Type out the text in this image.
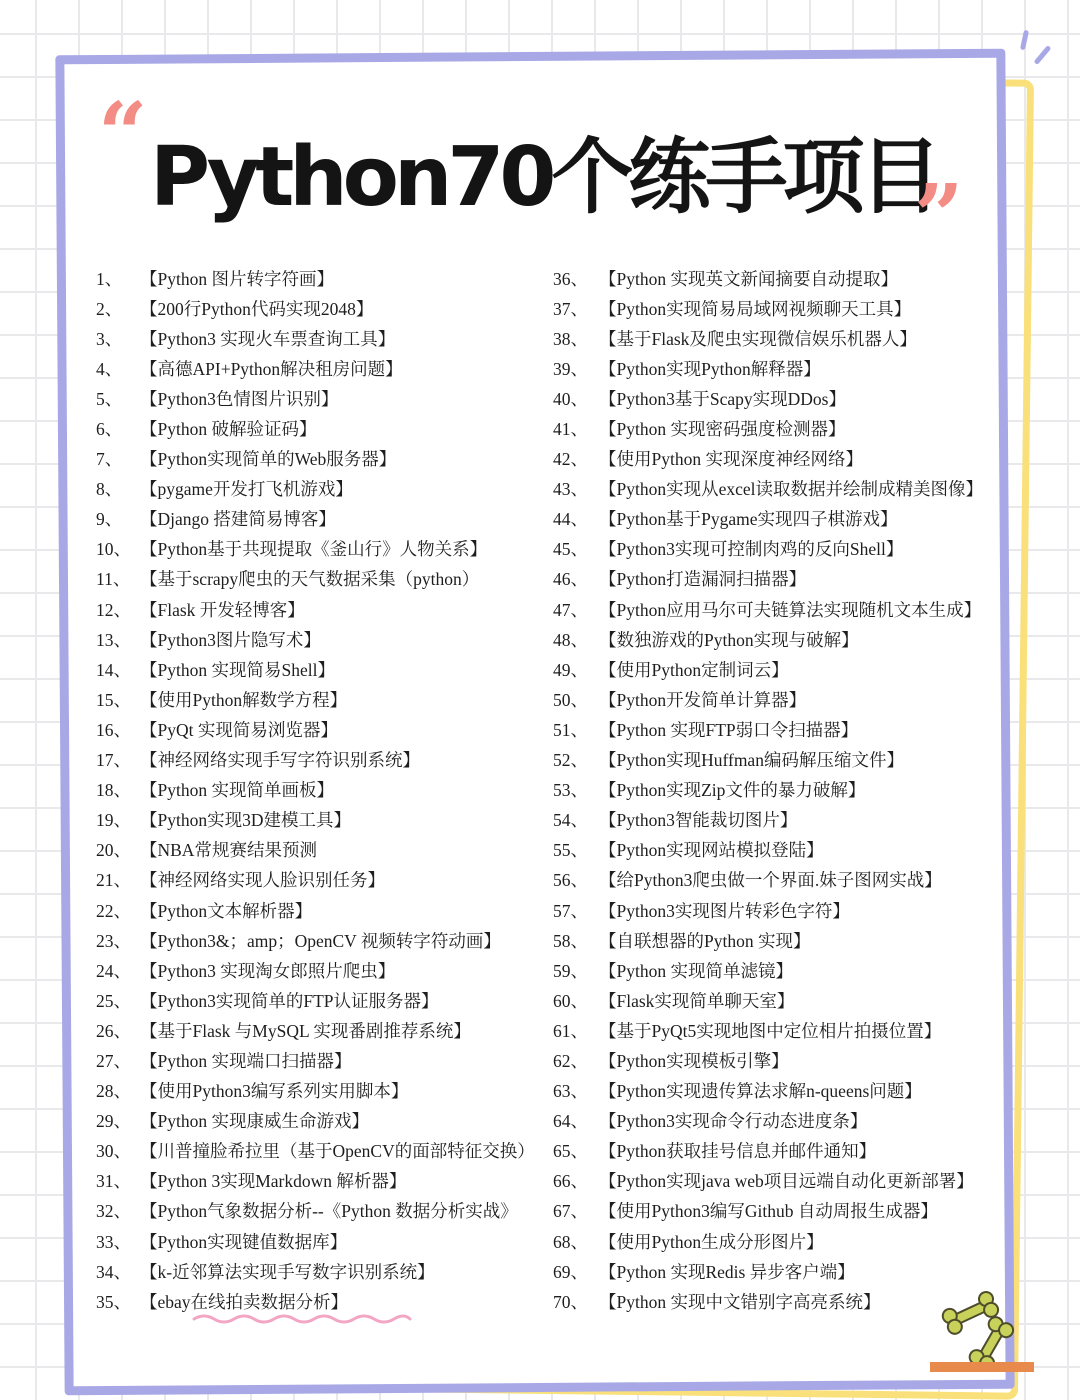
“ Python70个练手项目
”
1、	【Python 图片转字符画】
2、	【200行Python代码实现2048】
3、	【Python3 实现火车票查询工具】
4、	【高德API+Python解决租房问题】
5、	【Python3色情图片识别】
6、	【Python 破解验证码】
7、	【Python实现简单的Web服务器】
8、	【pygame开发打飞机游戏】
9、	【Django 搭建简易博客】
10、 【Python基于共现提取《釜山行》人物关系】
11、 【基于scrapy爬虫的天气数据采集（python）
12、 【Flask 开发轻博客】
13、 【Python3图片隐写术】
14、 【Python 实现简易Shell】
15、 【使用Python解数学方程】
16、 【PyQt 实现简易浏览器】
17、 【神经网络实现手写字符识别系统】
18、 【Python 实现简单画板】
19、 【Python实现3D建模工具】
20、 【NBA常规赛结果预测
21、 【神经网络实现人脸识别任务】
22、 【Python文本解析器】
23、 【Python3&；amp；OpenCV 视频转字符动画】
24、 【Python3 实现淘女郎照片爬虫】
25、 【Python3实现简单的FTP认证服务器】
26、 【基于Flask 与MySQL 实现番剧推荐系统】
27、 【Python 实现端口扫描器】
28、 【使用Python3编写系列实用脚本】
29、 【Python 实现康威生命游戏】
30、 【川普撞脸希拉里（基于OpenCV的面部特征交换）
31、 【Python 3实现Markdown 解析器】
32、 【Python气象数据分析--《Python 数据分析实战》
33、 【Python实现键值数据库】
34、 【k-近邻算法实现手写数字识别系统】
35、 【ebay在线拍卖数据分析】
36、 【Python 实现英文新闻摘要自动提取】
37、 【Python实现简易局域网视频聊天工具】
38、 【基于Flask及爬虫实现微信娱乐机器人】
39、 【Python实现Python解释器】
40、 【Python3基于Scapy实现DDos】
41、 【Python 实现密码强度检测器】
42、 【使用Python 实现深度神经网络】
43、 【Python实现从excel读取数据并绘制成精美图像】
44、 【Python基于Pygame实现四子棋游戏】
45、 【Python3实现可控制肉鸡的反向Shell】
46、 【Python打造漏洞扫描器】
47、 【Python应用马尔可夫链算法实现随机文本生成】
48、 【数独游戏的Python实现与破解】
49、 【使用Python定制词云】
50、 【Python开发简单计算器】
51、 【Python 实现FTP弱口令扫描器】
52、 【Python实现Huffman编码解压缩文件】
53、 【Python实现Zip文件的暴力破解】
54、 【Python3智能裁切图片】
55、 【Python实现网站模拟登陆】
56、 【给Python3爬虫做一个界面.妹子图网实战】
57、 【Python3实现图片转彩色字符】
58、 【自联想器的Python 实现】
59、 【Python 实现简单滤镜】
60、 【Flask实现简单聊天室】
61、 【基于PyQt5实现地图中定位相片拍摄位置】
62、 【Python实现模板引擎】
63、 【Python实现遗传算法求解n-queens问题】
64、 【Python3实现命令行动态进度条】
65、 【Python获取挂号信息并邮件通知】
66、 【Python实现java web项目远端自动化更新部署】
67、 【使用Python3编写Github 自动周报生成器】
68、 【使用Python生成分形图片】
69、 【Python 实现Redis 异步客户端】
70、 【Python 实现中文错别字高亮系统】
